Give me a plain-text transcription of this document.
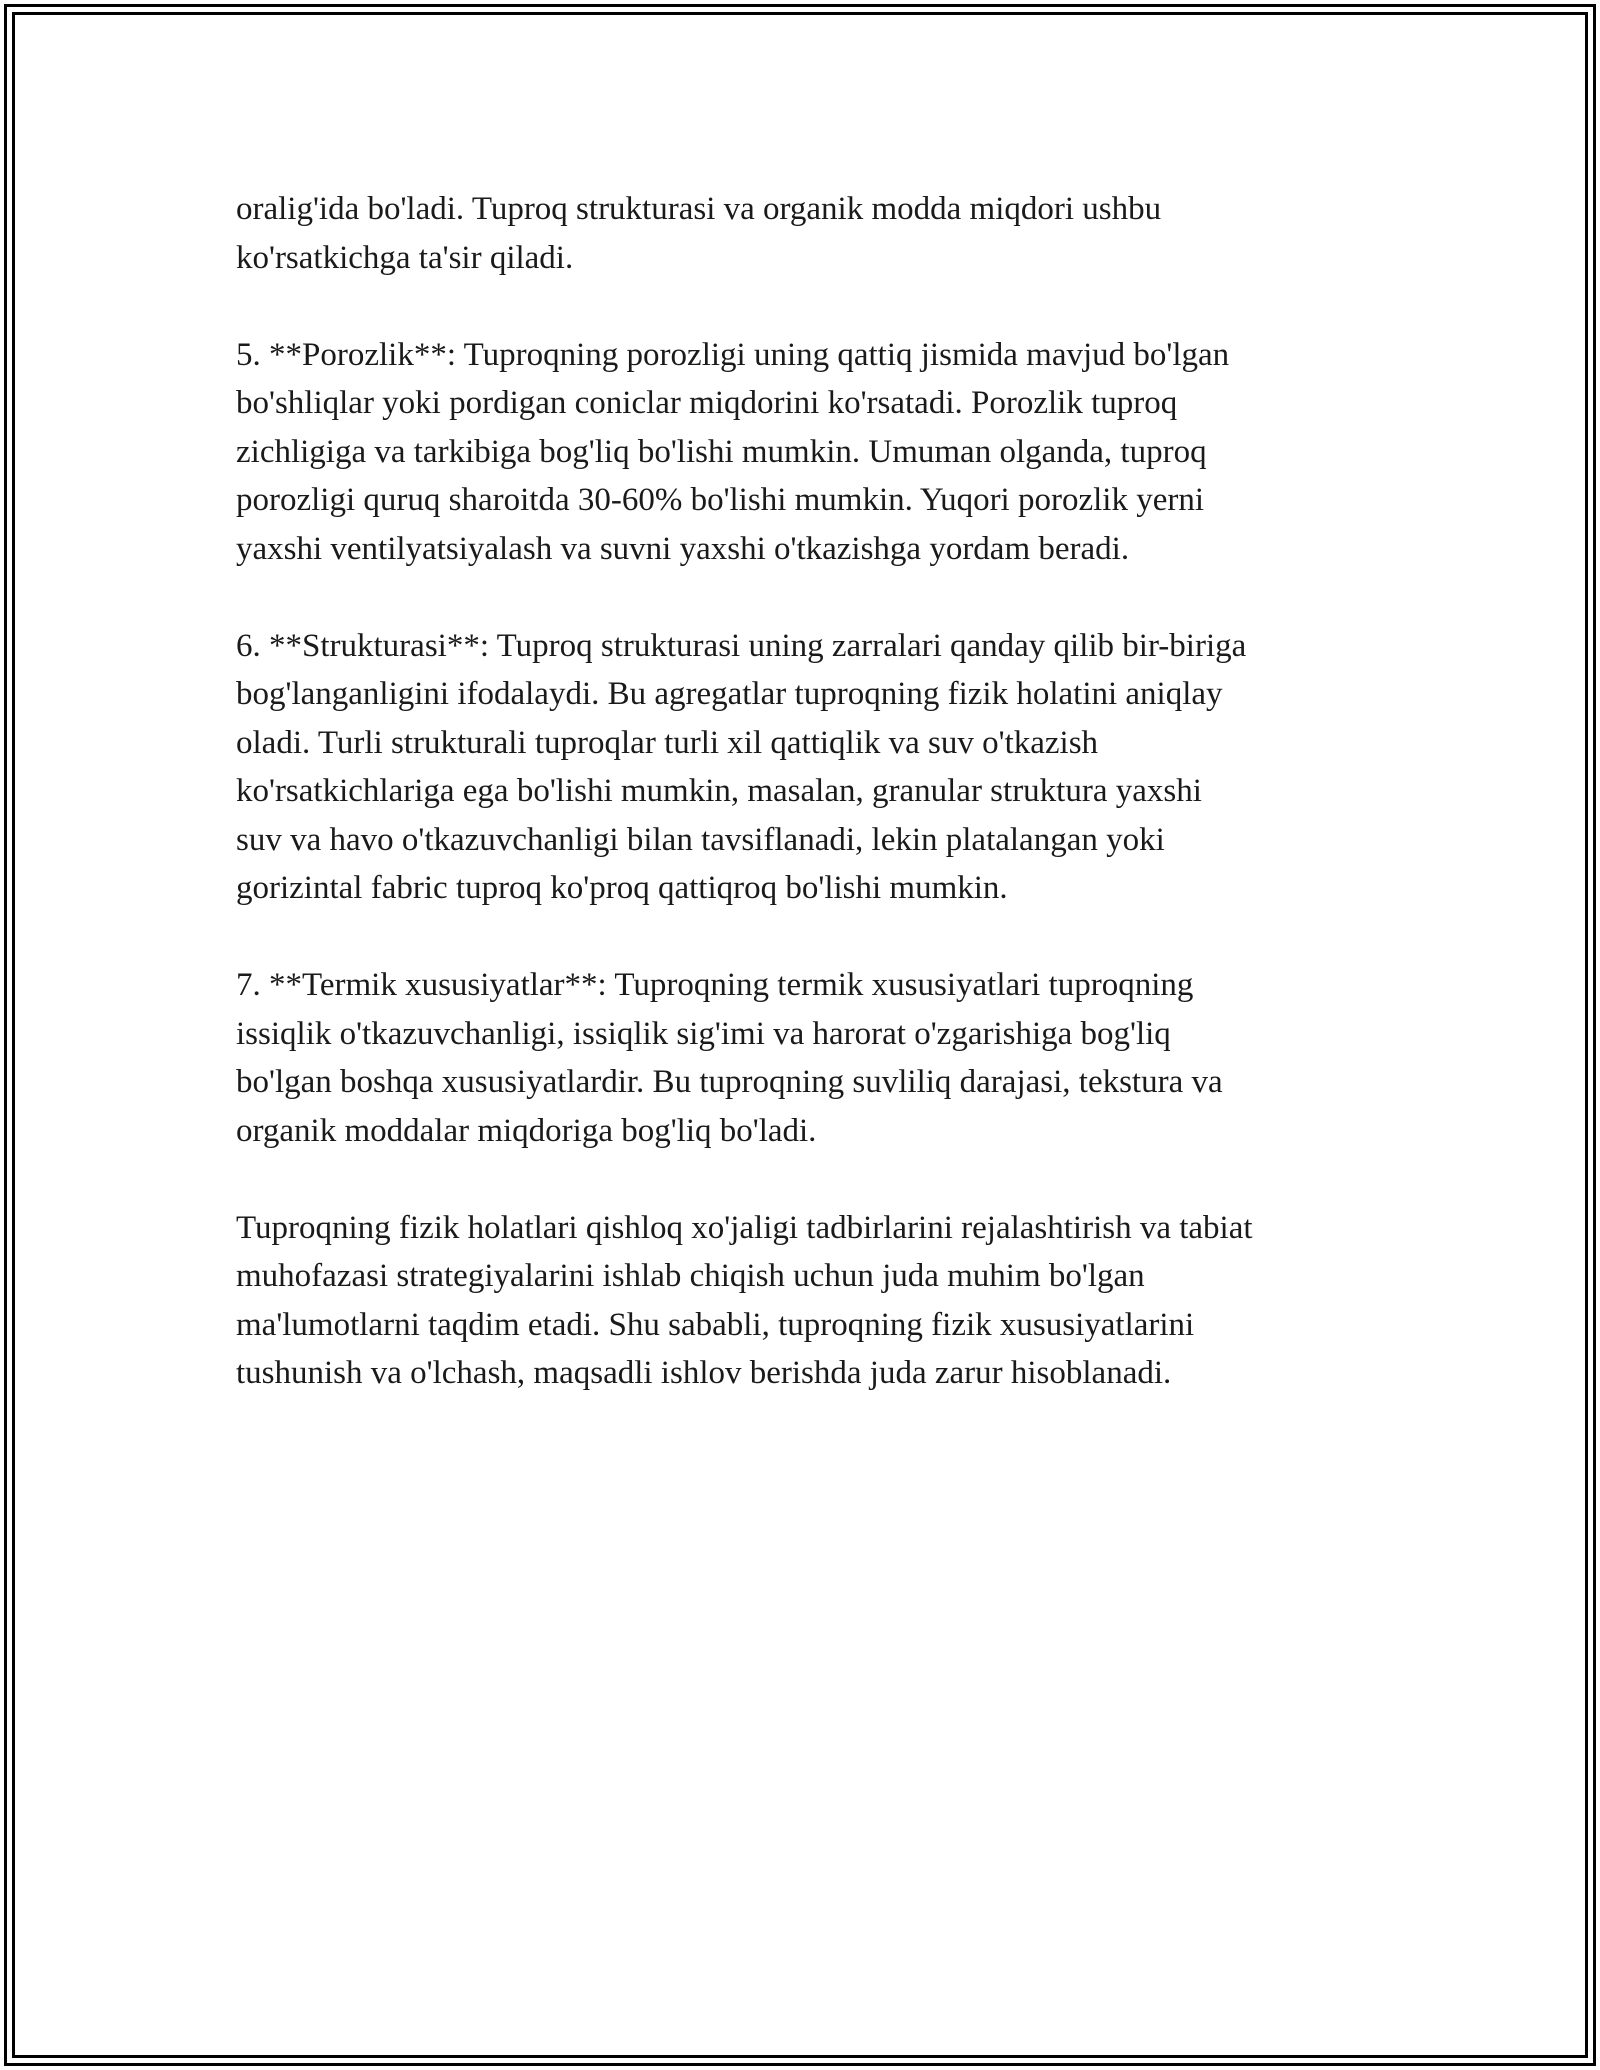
oralig'ida bo'ladi. Tuproq strukturasi va organik modda miqdori ushbu
ko'rsatkichga ta'sir qiladi.

5. **Porozlik**: Tuproqning porozligi uning qattiq jismida mavjud bo'lgan
bo'shliqlar yoki pordigan coniclar miqdorini ko'rsatadi. Porozlik tuproq
zichligiga va tarkibiga bog'liq bo'lishi mumkin. Umuman olganda, tuproq
porozligi quruq sharoitda 30-60% bo'lishi mumkin. Yuqori porozlik yerni
yaxshi ventilyatsiyalash va suvni yaxshi o'tkazishga yordam beradi.

6. **Strukturasi**: Tuproq strukturasi uning zarralari qanday qilib bir-biriga
bog'langanligini ifodalaydi. Bu agregatlar tuproqning fizik holatini aniqlay
oladi. Turli strukturali tuproqlar turli xil qattiqlik va suv o'tkazish
ko'rsatkichlariga ega bo'lishi mumkin, masalan, granular struktura yaxshi
suv va havo o'tkazuvchanligi bilan tavsiflanadi, lekin platalangan yoki
gorizintal fabric tuproq ko'proq qattiqroq bo'lishi mumkin.

7. **Termik xususiyatlar**: Tuproqning termik xususiyatlari tuproqning
issiqlik o'tkazuvchanligi, issiqlik sig'imi va harorat o'zgarishiga bog'liq
bo'lgan boshqa xususiyatlardir. Bu tuproqning suvliliq darajasi, tekstura va
organik moddalar miqdoriga bog'liq bo'ladi.

Tuproqning fizik holatlari qishloq xo'jaligi tadbirlarini rejalashtirish va tabiat
muhofazasi strategiyalarini ishlab chiqish uchun juda muhim bo'lgan
ma'lumotlarni taqdim etadi. Shu sababli, tuproqning fizik xususiyatlarini
tushunish va o'lchash, maqsadli ishlov berishda juda zarur hisoblanadi.
